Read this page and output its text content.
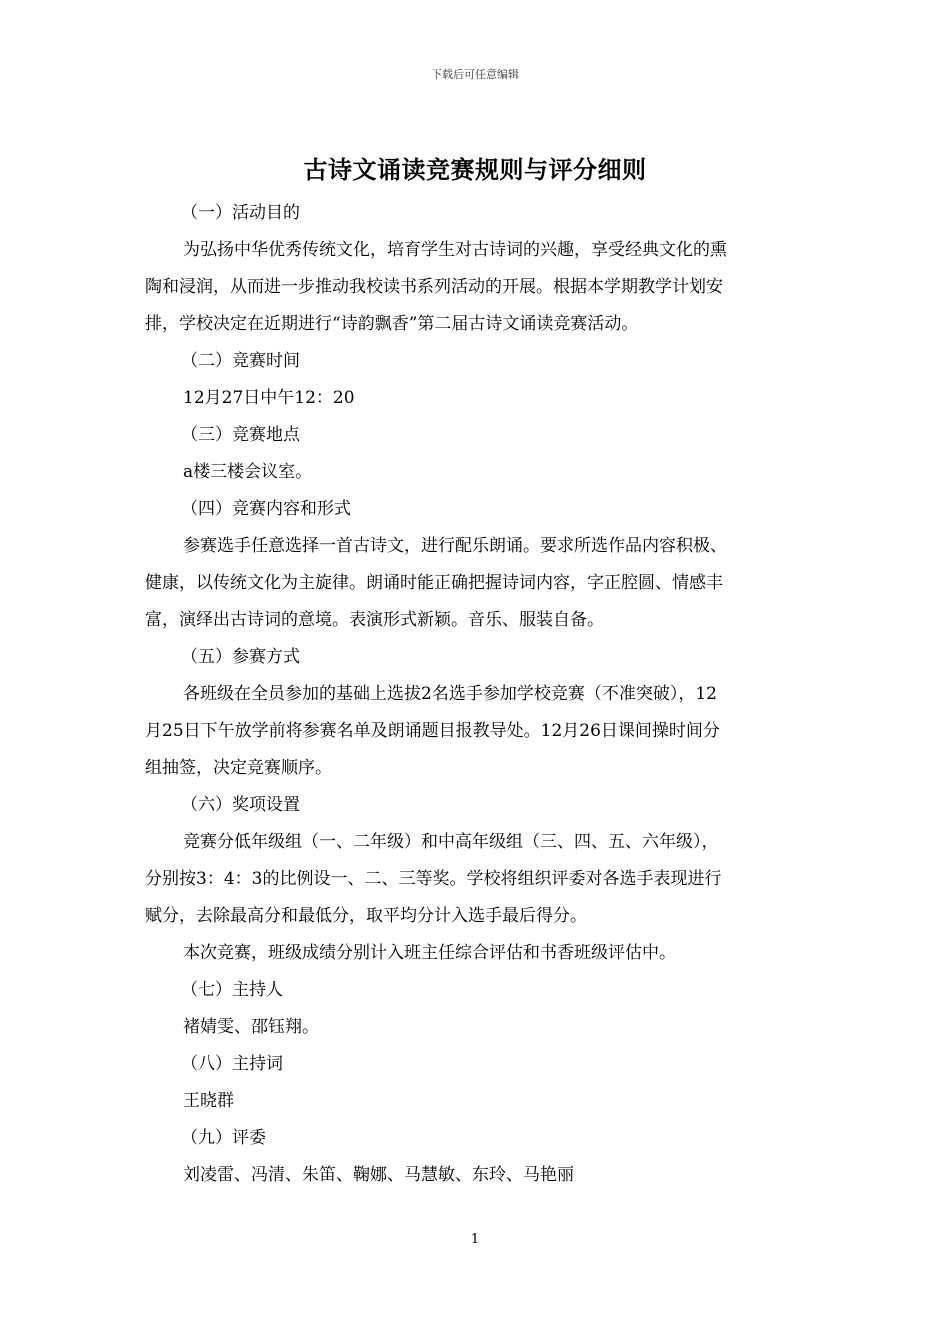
下载后可任意编辑
古诗文诵读竞赛规则与评分细则
（一）活动目的
为弘扬中华优秀传统文化，培育学生对古诗词的兴趣，享受经典文化的熏
陶和浸润，从而进一步推动我校读书系列活动的开展。根据本学期教学计划安
排，学校决定在近期进行“诗韵飘香”第二届古诗文诵读竞赛活动。
（二）竞赛时间
12月27日中午12：20
（三）竞赛地点
a楼三楼会议室。
（四）竞赛内容和形式
参赛选手任意选择一首古诗文，进行配乐朗诵。要求所选作品内容积极、
健康，以传统文化为主旋律。朗诵时能正确把握诗词内容，字正腔圆、情感丰
富，演绎出古诗词的意境。表演形式新颖。音乐、服装自备。
（五）参赛方式
各班级在全员参加的基础上选拔2名选手参加学校竞赛（不准突破），12
月25日下午放学前将参赛名单及朗诵题目报教导处。12月26日课间操时间分
组抽签，决定竞赛顺序。
（六）奖项设置
竞赛分低年级组（一、二年级）和中高年级组（三、四、五、六年级），
分别按3：4：3的比例设一、二、三等奖。学校将组织评委对各选手表现进行
赋分，去除最高分和最低分，取平均分计入选手最后得分。
本次竞赛，班级成绩分别计入班主任综合评估和书香班级评估中。
（七）主持人
褚婧雯、邵钰翔。
（八）主持词
王晓群
（九）评委
刘凌雷、冯清、朱笛、鞠娜、马慧敏、东玲、马艳丽
1
